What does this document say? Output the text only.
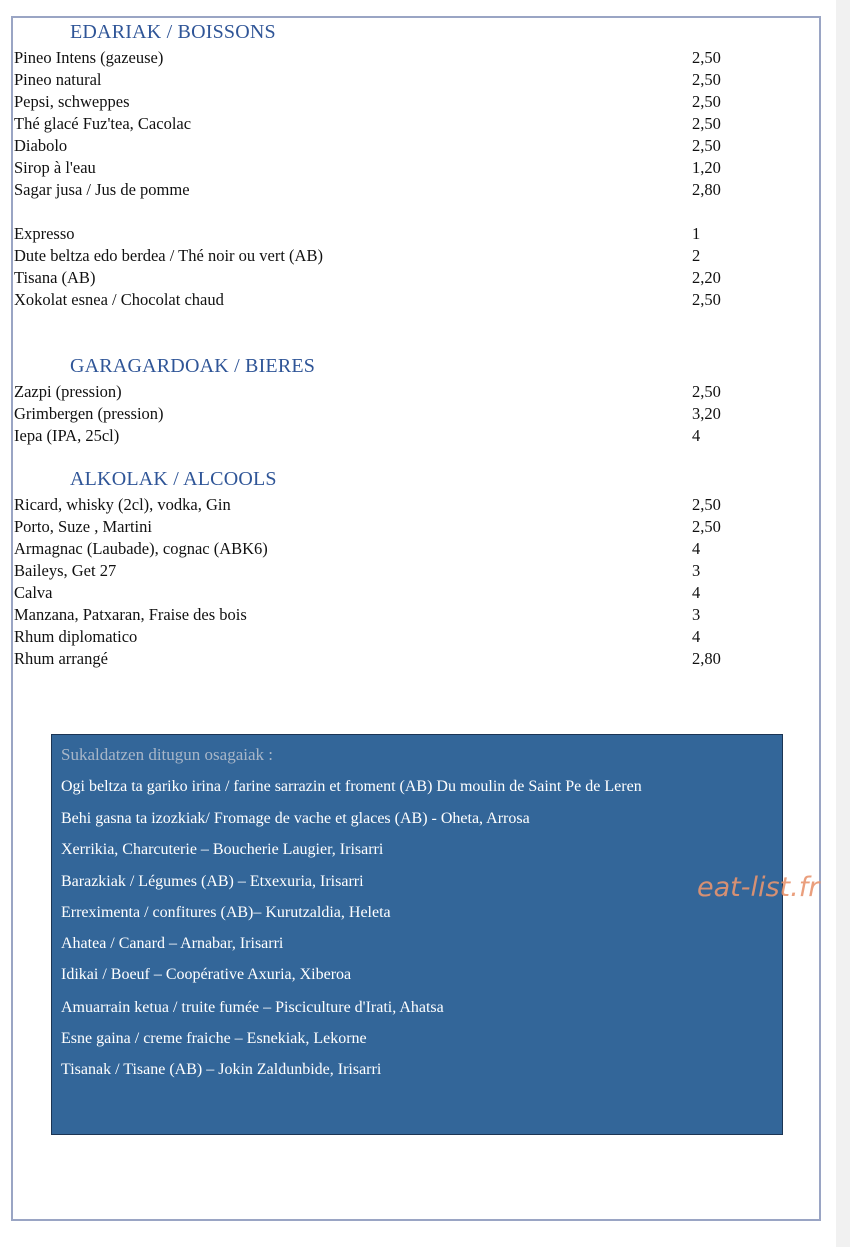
EDARIAK / BOISSONS
Pineo Intens (gazeuse)	2,50
Pineo natural	2,50
Pepsi, schweppes	2,50
Thé glacé Fuz'tea, Cacolac	2,50
Diabolo	2,50
Sirop à l'eau	1,20
Sagar jusa / Jus de pomme	2,80
Expresso	1
Dute beltza edo berdea / Thé noir ou vert (AB)	2
Tisana (AB)	2,20
Xokolat esnea / Chocolat chaud	2,50
GARAGARDOAK / BIERES
Zazpi (pression)	2,50
Grimbergen (pression)	3,20
Iepa (IPA, 25cl)	4
ALKOLAK / ALCOOLS
Ricard, whisky (2cl), vodka, Gin	2,50
Porto, Suze , Martini	2,50
Armagnac (Laubade), cognac (ABK6)	4
Baileys, Get 27	3
Calva	4
Manzana, Patxaran, Fraise des bois	3
Rhum diplomatico	4
Rhum arrangé	2,80
Sukaldatzen ditugun osagaiak :
Ogi beltza ta gariko irina / farine sarrazin et froment (AB) Du moulin de Saint Pe de Leren
Behi gasna ta izozkiak/ Fromage de vache et glaces (AB) - Oheta, Arrosa
Xerrikia, Charcuterie – Boucherie Laugier, Irisarri
Barazkiak / Légumes (AB) – Etxexuria, Irisarri
Erreximenta / confitures (AB)– Kurutzaldia, Heleta
Ahatea / Canard – Arnabar, Irisarri
Idikai / Boeuf – Coopérative Axuria, Xiberoa
Amuarrain ketua / truite fumée – Pisciculture d'Irati, Ahatsa
Esne gaina / creme fraiche – Esnekiak, Lekorne
Tisanak / Tisane (AB) – Jokin Zaldunbide, Irisarri
eat-list.fr
